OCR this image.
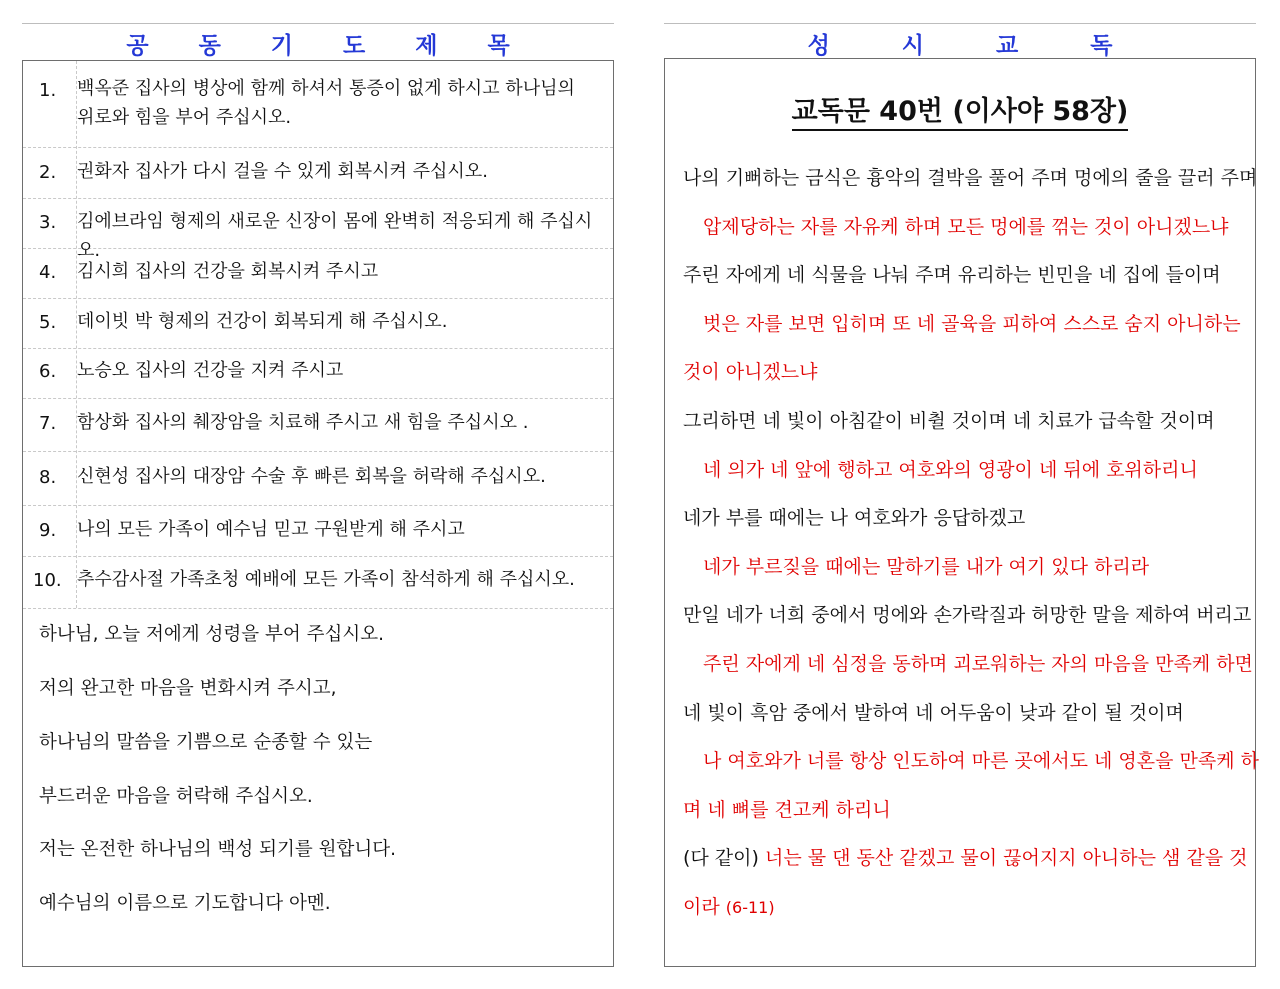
공 동 기 도 제 목
1.	백옥준 집사의 병상에 함께 하셔서 통증이 없게 하시고 하나님의 위로와 힘을 부어 주십시오.
2.	권화자 집사가 다시 걸을 수 있게 회복시켜 주십시오.
3.	김에브라임 형제의 새로운 신장이 몸에 완벽히 적응되게 해 주십시오.
4.	김시희 집사의 건강을 회복시켜 주시고
5.	데이빗 박 형제의 건강이 회복되게 해 주십시오.
6.	노승오 집사의 건강을 지켜 주시고
7.	함상화 집사의 췌장암을 치료해 주시고 새 힘을 주십시오 .
8.	신현성 집사의 대장암 수술 후 빠른 회복을 허락해 주십시오.
9.	나의 모든 가족이 예수님 믿고 구원받게 해 주시고
10. 추수감사절 가족초청 예배에 모든 가족이 참석하게 해 주십시오.
하나님, 오늘 저에게 성령을 부어 주십시오.
저의 완고한 마음을 변화시켜 주시고,
하나님의 말씀을 기쁨으로 순종할 수 있는
부드러운 마음을 허락해 주십시오.
저는 온전한 하나님의 백성 되기를 원합니다.
예수님의 이름으로 기도합니다 아멘.
성	시	교	독
교독문 40번 (이사야 58장)
나의 기뻐하는 금식은 흉악의 결박을 풀어 주며 멍에의 줄을 끌러 주며
압제당하는 자를 자유케 하며 모든 멍에를 꺾는 것이 아니겠느냐
주린 자에게 네 식물을 나눠 주며 유리하는 빈민을 네 집에 들이며
벗은 자를 보면 입히며 또 네 골육을 피하여 스스로 숨지 아니하는
것이 아니겠느냐
그리하면 네 빛이 아침같이 비췰 것이며 네 치료가 급속할 것이며
네 의가 네 앞에 행하고 여호와의 영광이 네 뒤에 호위하리니
네가 부를 때에는 나 여호와가 응답하겠고
네가 부르짖을 때에는 말하기를 내가 여기 있다 하리라
만일 네가 너희 중에서 멍에와 손가락질과 허망한 말을 제하여 버리고
주린 자에게 네 심정을 동하며 괴로워하는 자의 마음을 만족케 하면
네 빛이 흑암 중에서 발하여 네 어두움이 낮과 같이 될 것이며
나 여호와가 너를 항상 인도하여 마른 곳에서도 네 영혼을 만족케 하
며 네 뼈를 견고케 하리니
(다 같이) 너는 물 댄 동산 같겠고 물이 끊어지지 아니하는 샘 같을 것
이라 (6-11)
